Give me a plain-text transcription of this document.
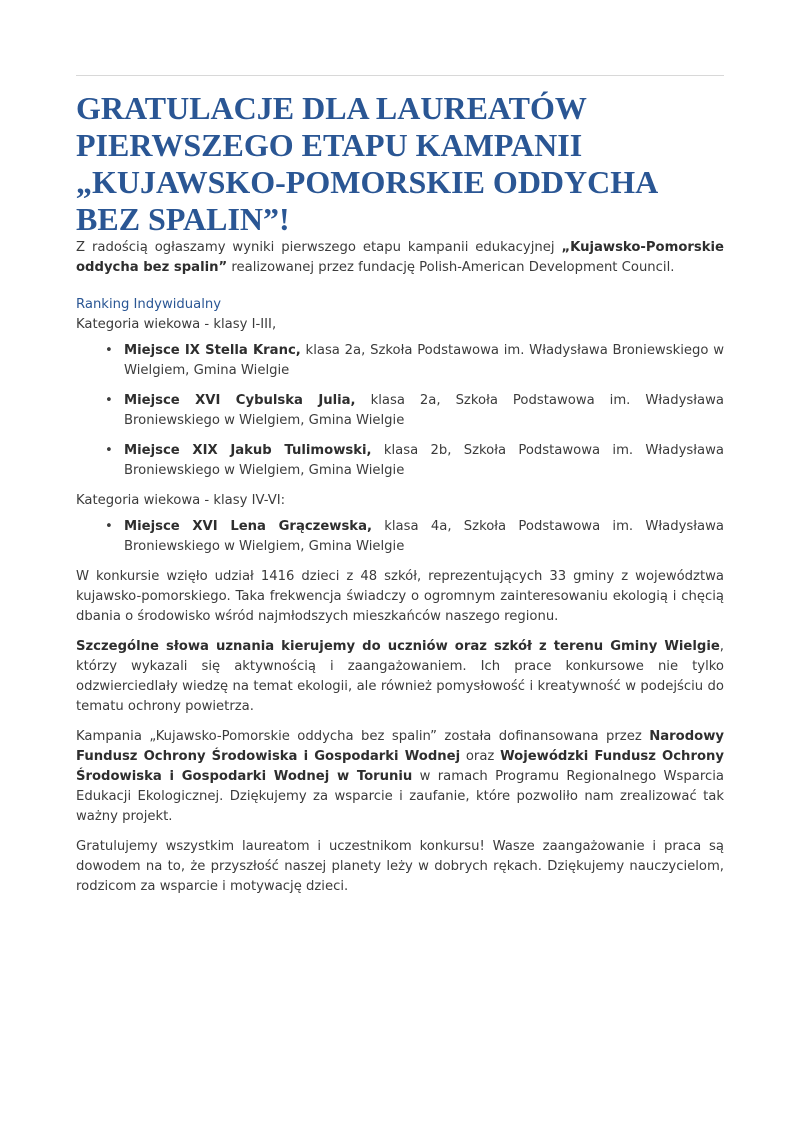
GRATULACJE DLA LAUREATÓW PIERWSZEGO ETAPU KAMPANII „KUJAWSKO-POMORSKIE ODDYCHA BEZ SPALIN”!

Z radością ogłaszamy wyniki pierwszego etapu kampanii edukacyjnej „Kujawsko-Pomorskie oddycha bez spalin” realizowanej przez fundację Polish-American Development Council.

Ranking Indywidualny

Kategoria wiekowa - klasy I-III,

• Miejsce IX Stella Kranc, klasa 2a, Szkoła Podstawowa im. Władysława Broniewskiego w Wielgiem, Gmina Wielgie
• Miejsce XVI Cybulska Julia, klasa 2a, Szkoła Podstawowa im. Władysława Broniewskiego w Wielgiem, Gmina Wielgie
• Miejsce XIX Jakub Tulimowski, klasa 2b, Szkoła Podstawowa im. Władysława Broniewskiego w Wielgiem, Gmina Wielgie

Kategoria wiekowa - klasy IV-VI:

• Miejsce XVI Lena Grączewska, klasa 4a, Szkoła Podstawowa im. Władysława Broniewskiego w Wielgiem, Gmina Wielgie

W konkursie wzięło udział 1416 dzieci z 48 szkół, reprezentujących 33 gminy z województwa kujawsko-pomorskiego. Taka frekwencja świadczy o ogromnym zainteresowaniu ekologią i chęcią dbania o środowisko wśród najmłodszych mieszkańców naszego regionu.

Szczególne słowa uznania kierujemy do uczniów oraz szkół z terenu Gminy Wielgie, którzy wykazali się aktywnością i zaangażowaniem. Ich prace konkursowe nie tylko odzwierciedlały wiedzę na temat ekologii, ale również pomysłowość i kreatywność w podejściu do tematu ochrony powietrza.

Kampania „Kujawsko-Pomorskie oddycha bez spalin” została dofinansowana przez Narodowy Fundusz Ochrony Środowiska i Gospodarki Wodnej oraz Wojewódzki Fundusz Ochrony Środowiska i Gospodarki Wodnej w Toruniu w ramach Programu Regionalnego Wsparcia Edukacji Ekologicznej. Dziękujemy za wsparcie i zaufanie, które pozwoliło nam zrealizować tak ważny projekt.

Gratulujemy wszystkim laureatom i uczestnikom konkursu! Wasze zaangażowanie i praca są dowodem na to, że przyszłość naszej planety leży w dobrych rękach. Dziękujemy nauczycielom, rodzicom za wsparcie i motywację dzieci.
